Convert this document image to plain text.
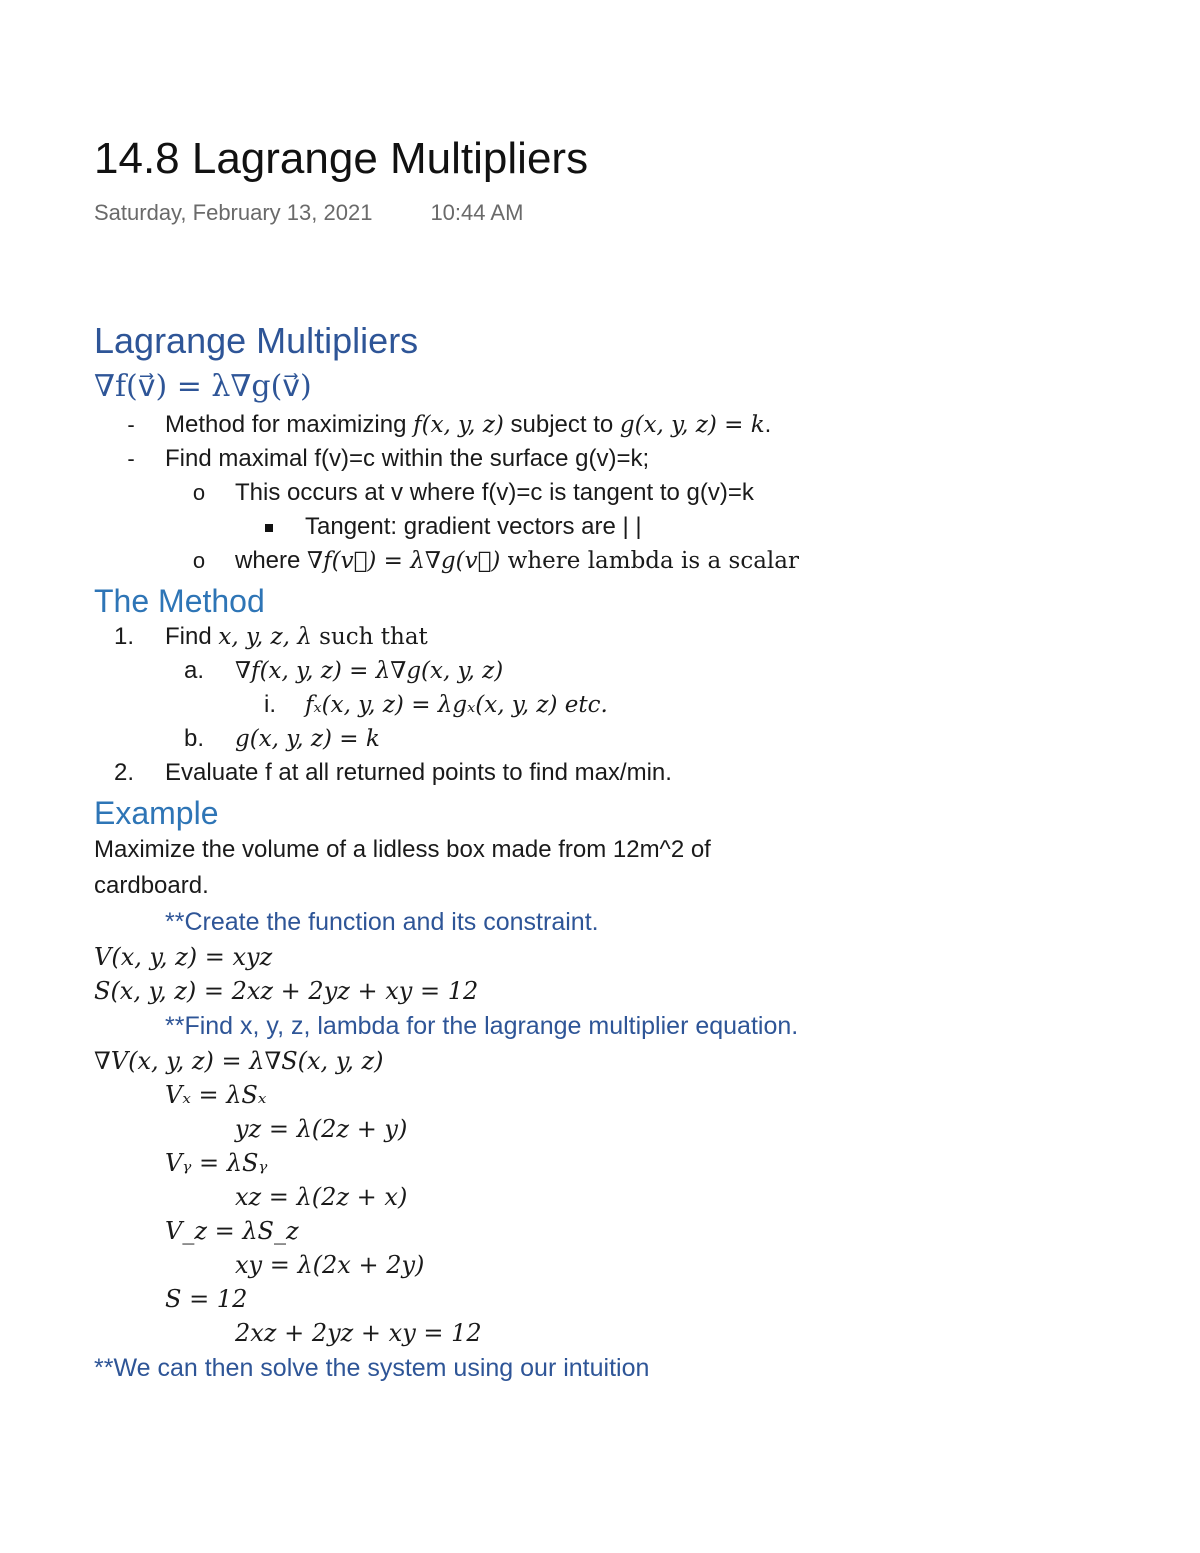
14.8 Lagrange Multipliers
Saturday, February 13, 2021	10:44 AM
Lagrange Multipliers
∇f(v⃗) = λ∇g(v⃗)
-	Method for maximizing f(x, y, z) subject to g(x, y, z) = k.
-	Find maximal f(v)=c within the surface g(v)=k;
o	This occurs at v where f(v)=c is tangent to g(v)=k
Tangent: gradient vectors are | |
o	where ∇f(v⃗) = λ∇g(v⃗) where lambda is a scalar
The Method
1.	Find x, y, z, λ such that
a.	∇f(x, y, z) = λ∇g(x, y, z)
i.	fₓ(x, y, z) = λgₓ(x, y, z) etc.
b.	g(x, y, z) = k
2.	Evaluate f at all returned points to find max/min.
Example
Maximize the volume of a lidless box made from 12m^2 of cardboard.
**Create the function and its constraint.
V(x, y, z) = xyz
S(x, y, z) = 2xz + 2yz + xy = 12
**Find x, y, z, lambda for the lagrange multiplier equation.
∇V(x, y, z) = λ∇S(x, y, z)
Vₓ = λSₓ
yz = λ(2z + y)
Vᵧ = λSᵧ
xz = λ(2z + x)
V_z = λS_z
xy = λ(2x + 2y)
S = 12
2xz + 2yz + xy = 12
**We can then solve the system using our intuition
